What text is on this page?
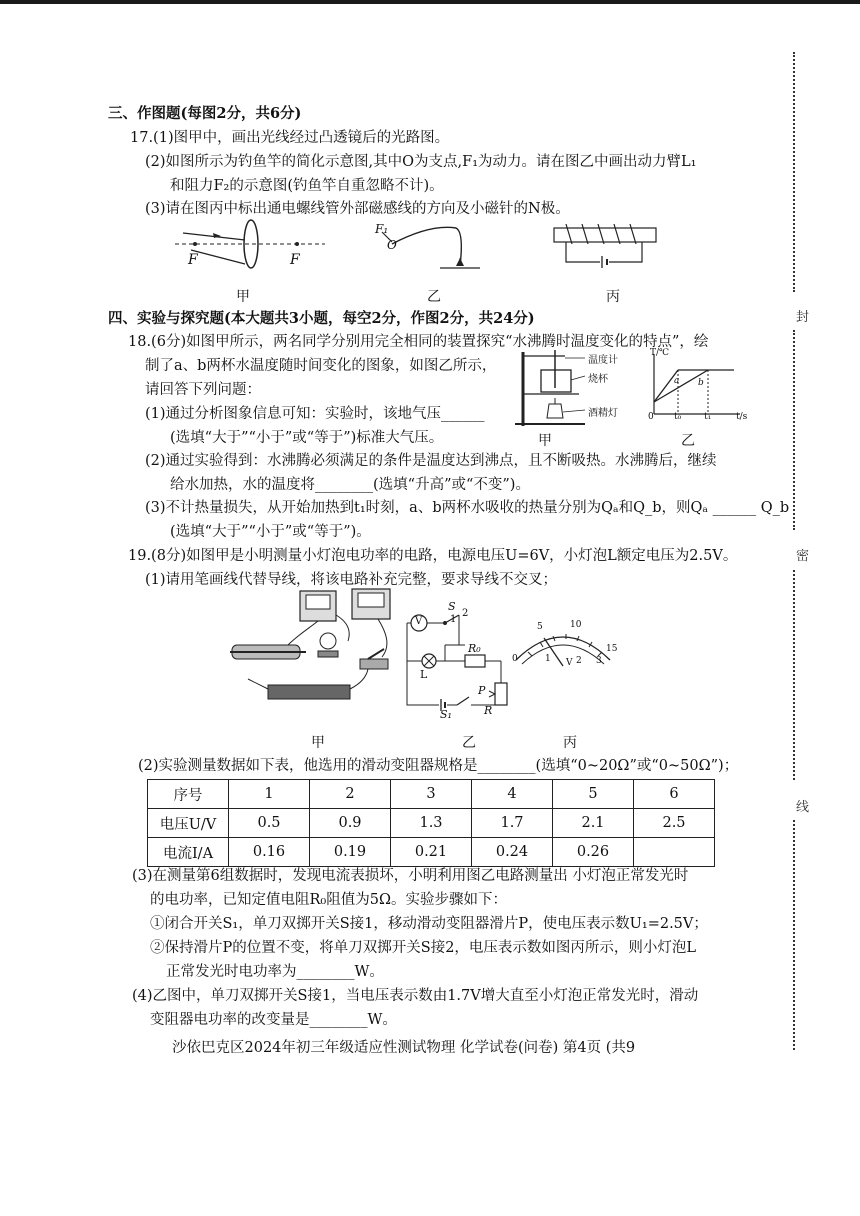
封
密
线
三、作图题(每图2分，共6分)
17.(1)图甲中，画出光线经过凸透镜后的光路图。
(2)如图所示为钓鱼竿的简化示意图,其中O为支点,F₁为动力。请在图乙中画出动力臂L₁
和阻力F₂的示意图(钓鱼竿自重忽略不计)。
(3)请在图丙中标出通电螺线管外部磁感线的方向及小磁针的N极。
F	F
F₁
O
甲	乙	丙
四、实验与探究题(本大题共3小题，每空2分，作图2分，共24分)
18.(6分)如图甲所示，两名同学分别用完全相同的装置探究“水沸腾时温度变化的特点”，绘
制了a、b两杯水温度随时间变化的图象，如图乙所示，
请回答下列问题：
(1)通过分析图象信息可知：实验时，该地气压______
(选填“大于”“小于”或“等于”)标准大气压。
温度计
烧杯
酒精灯
T/℃
a b
0 t₀	t₁	t/s
甲	乙
(2)通过实验得到：水沸腾必须满足的条件是温度达到沸点，且不断吸热。水沸腾后，继续
给水加热，水的温度将________(选填“升高”或“不变”)。
(3)不计热量损失，从开始加热到t₁时刻，a、b两杯水吸收的热量分别为Qₐ和Q_b，则Qₐ ______ Q_b
(选填“大于”“小于”或“等于”)。
19.(8分)如图甲是小明测量小灯泡电功率的电路，电源电压U=6V，小灯泡L额定电压为2.5V。
(1)请用笔画线代替导线，将该电路补充完整，要求导线不交叉；
V
S
1
2
R₀
L
P
S₁	R
0
5	10
15
1	2 3
V
甲	乙	丙
(2)实验测量数据如下表，他选用的滑动变阻器规格是________(选填“0~20Ω”或“0~50Ω”)；
序号	1	2	3	4	5	6
电压U/V	0.5	0.9	1.3	1.7	2.1	2.5
电流I/A	0.16	0.19	0.21	0.24	0.26	
(3)在测量第6组数据时，发现电流表损坏，小明利用图乙电路测量出 小灯泡正常发光时
的电功率，已知定值电阻R₀阻值为5Ω。实验步骤如下：
①闭合开关S₁，单刀双掷开关S接1，移动滑动变阻器滑片P，使电压表示数U₁=2.5V；
②保持滑片P的位置不变，将单刀双掷开关S接2，电压表示数如图丙所示，则小灯泡L
正常发光时电功率为________W。
(4)乙图中，单刀双掷开关S接1，当电压表示数由1.7V增大直至小灯泡正常发光时，滑动
变阻器电功率的改变量是________W。
沙依巴克区2024年初三年级适应性测试物理 化学试卷(问卷) 第4页 (共9
